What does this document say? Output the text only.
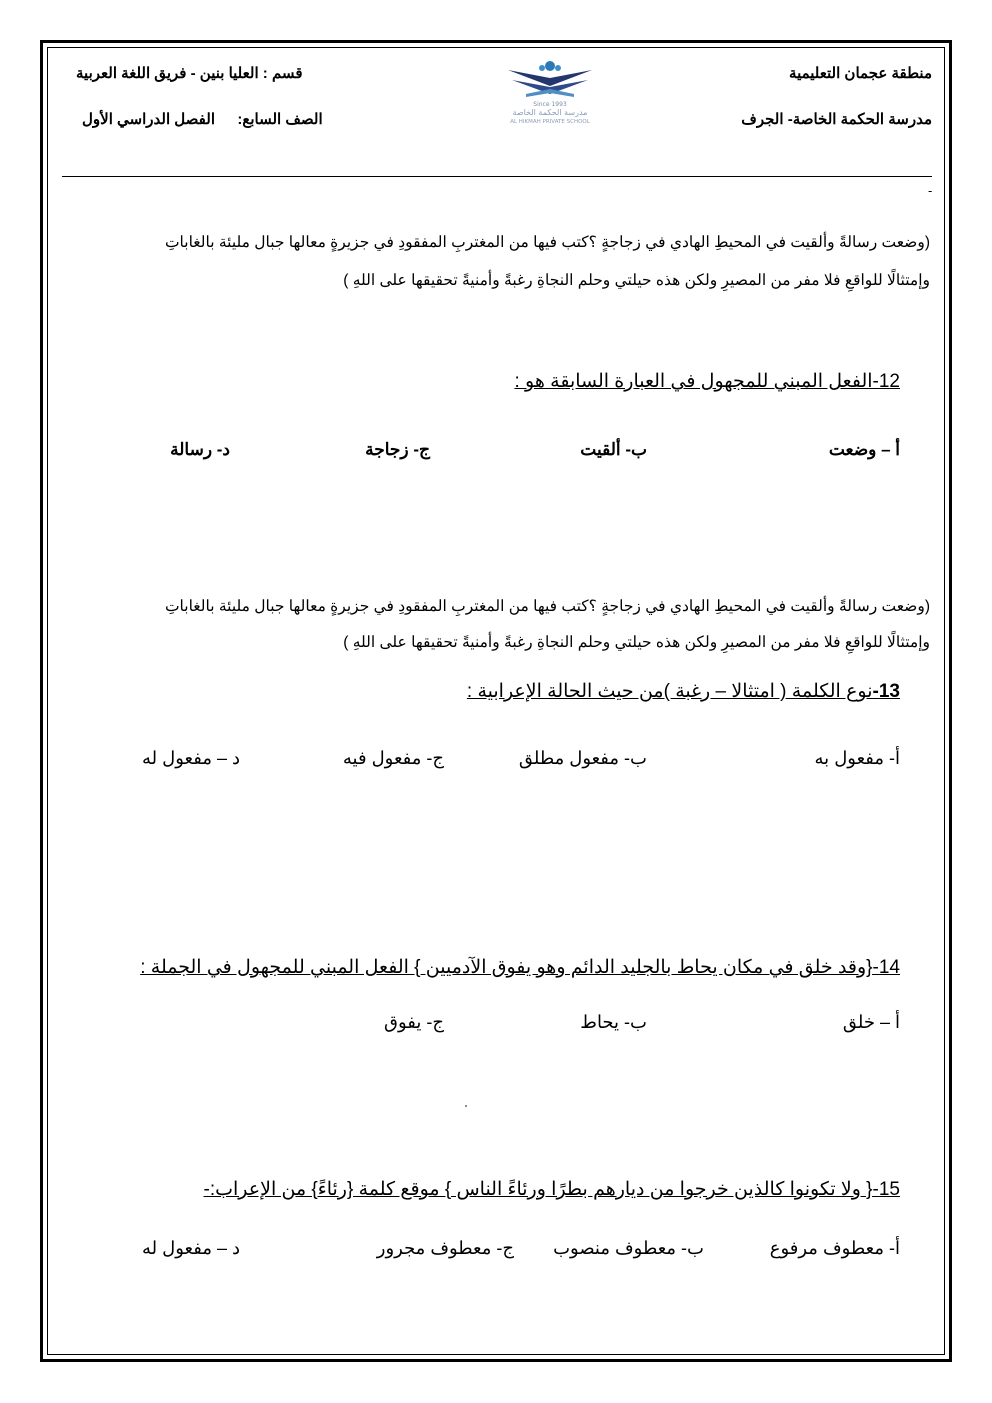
منطقة عجمان التعليمية
مدرسة الحكمة الخاصة- الجرف
قسم : العليا بنين - فريق اللغة العربية
الصف السابع:  الفصل الدراسي الأول
Since 1993
مدرسة الحكمة الخاصة
AL HIKMAH PRIVATE SCHOOL
-
(وضعت رسالةً وألقيت في المحيطِ الهادي في زجاجةٍ ؟كتب فيها من المغتربِ المفقودِ في جزيرةٍ معالها جبال مليئة بالغاباتِ
وإمتثالًا للواقعِ فلا مفر من المصيرِ ولكن هذه حيلتي وحلم النجاةِ رغبةً وأمنيةً تحقيقها على اللهِ )
12-الفعل المبني للمجهول في العبارة السابقة هو :
أ – وضعت
ب- ألقيت
ج- زجاجة
د- رسالة
(وضعت رسالةً وألقيت في المحيطِ الهادي في زجاجةٍ ؟كتب فيها من المغتربِ المفقودِ في جزيرةٍ معالها جبال مليئة بالغاباتِ
وإمتثالًا للواقعِ فلا مفر من المصيرِ ولكن هذه حيلتي وحلم النجاةِ رغبةً وأمنيةً تحقيقها على اللهِ )
13-نوع الكلمة ( امتثالا – رغبة )من حيث الحالة الإعرابية :
أ- مفعول به
ب- مفعول مطلق
ج- مفعول فيه
د – مفعول له
14-{وقد خلق في مكان يحاط بالجليد الدائم وهو يفوق الآدميين } الفعل المبني للمجهول في الجملة :
أ – خلق
ب- يحاط
ج- يفوق
15-{ ولا تكونوا كالذين خرجوا من ديارهم بطرًا ورئاءً الناس } موقع كلمة {رئاءً} من الإعراب:-
أ- معطوف مرفوع
ب- معطوف منصوب
ج- معطوف مجرور
د – مفعول له
